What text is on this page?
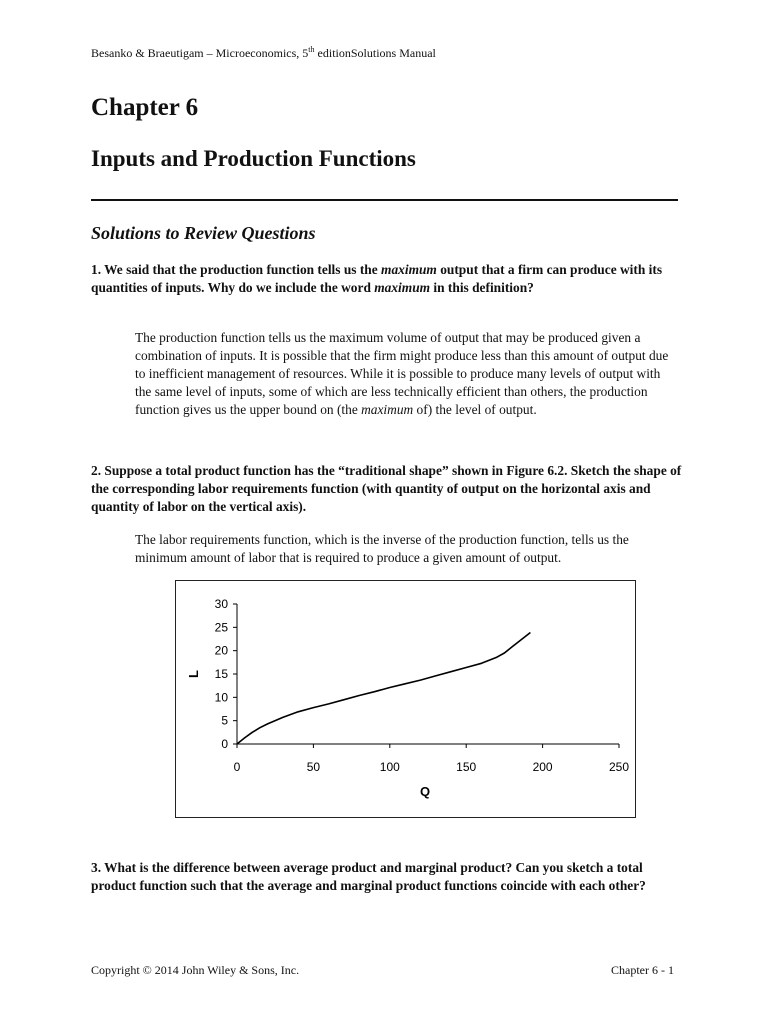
Besanko & Braeutigam – Microeconomics, 5th editionSolutions Manual
Chapter 6
Inputs and Production Functions
Solutions to Review Questions
1. We said that the production function tells us the maximum output that a firm can produce with its quantities of inputs. Why do we include the word maximum in this definition?
The production function tells us the maximum volume of output that may be produced given a combination of inputs. It is possible that the firm might produce less than this amount of output due to inefficient management of resources. While it is possible to produce many levels of output with the same level of inputs, some of which are less technically efficient than others, the production function gives us the upper bound on (the maximum of) the level of output.
2. Suppose a total product function has the “traditional shape” shown in Figure 6.2. Sketch the shape of the corresponding labor requirements function (with quantity of output on the horizontal axis and quantity of labor on the vertical axis).
The labor requirements function, which is the inverse of the production function, tells us the minimum amount of labor that is required to produce a given amount of output.
0
5
10
15
20
25
30
0	50	100	150	200	250
Q
L
3. What is the difference between average product and marginal product? Can you sketch a total product function such that the average and marginal product functions coincide with each other?
Copyright © 2014 John Wiley & Sons, Inc.	Chapter 6 - 1
